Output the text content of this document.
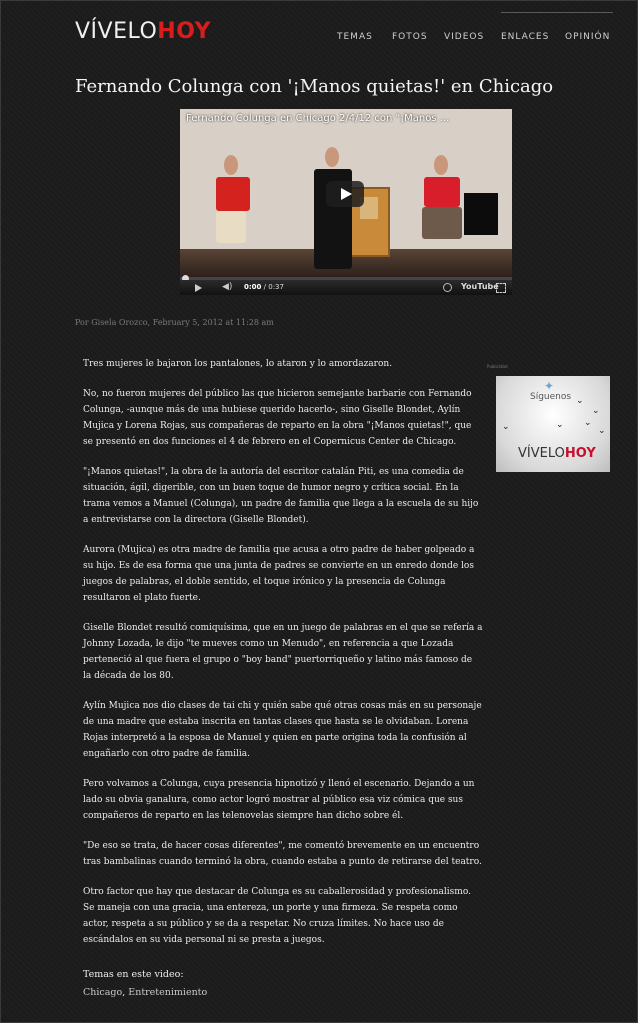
VÍVELOHOY	TEMAS FOTOS VIDEOS ENLACES OPINIÓN
Fernando Colunga con '¡Manos quietas!' en Chicago
Fernando Colunga en Chicago 2/4/12 con "¡Manos ...
◀) 0:00 / 0:37	YouTube
Por Gisela Orozco, February 5, 2012 at 11:28 am

Tres mujeres le bajaron los pantalones, lo ataron y lo amordazaron.

No, no fueron mujeres del público las que hicieron semejante barbarie con Fernando Colunga, -aunque más de una hubiese querido hacerlo-, sino Giselle Blondet, Aylín Mujica y Lorena Rojas, sus compañeras de reparto en la obra "¡Manos quietas!", que se presentó en dos funciones el 4 de febrero en el Copernicus Center de Chicago.

"¡Manos quietas!", la obra de la autoría del escritor catalán Piti, es una comedia de situación, ágil, digerible, con un buen toque de humor negro y crítica social. En la trama vemos a Manuel (Colunga), un padre de familia que llega a la escuela de su hijo a entrevistarse con la directora (Giselle Blondet).

Aurora (Mujica) es otra madre de familia que acusa a otro padre de haber golpeado a su hijo. Es de esa forma que una junta de padres se convierte en un enredo donde los juegos de palabras, el doble sentido, el toque irónico y la presencia de Colunga resultaron el plato fuerte.

Giselle Blondet resultó comiquísima, que en un juego de palabras en el que se refería a Johnny Lozada, le dijo "te mueves como un Menudo", en referencia a que Lozada perteneció al que fuera el grupo o "boy band" puertorriqueño y latino más famoso de la década de los 80.

Aylín Mujica nos dio clases de tai chi y quién sabe qué otras cosas más en su personaje de una madre que estaba inscrita en tantas clases que hasta se le olvidaban. Lorena Rojas interpretó a la esposa de Manuel y quien en parte origina toda la confusión al engañarlo con otro padre de familia.

Pero volvamos a Colunga, cuya presencia hipnotizó y llenó el escenario. Dejando a un lado su obvia ganalura, como actor logró mostrar al público esa viz cómica que sus compañeros de reparto en las telenovelas siempre han dicho sobre él.

"De eso se trata, de hacer cosas diferentes", me comentó brevemente en un encuentro tras bambalinas cuando terminó la obra, cuando estaba a punto de retirarse del teatro.

Otro factor que hay que destacar de Colunga es su caballerosidad y profesionalismo. Se maneja con una gracia, una entereza, un porte y una firmeza. Se respeta como actor, respeta a su público y se da a respetar. No cruza límites. No hace uso de escándalos en su vida personal ni se presta a juegos.

Temas en este video:
Chicago, Entretenimiento
Publicidad
✦
Síguenos ⌄
⌄
⌄
⌄
⌄
⌄
VÍVELOHOY
